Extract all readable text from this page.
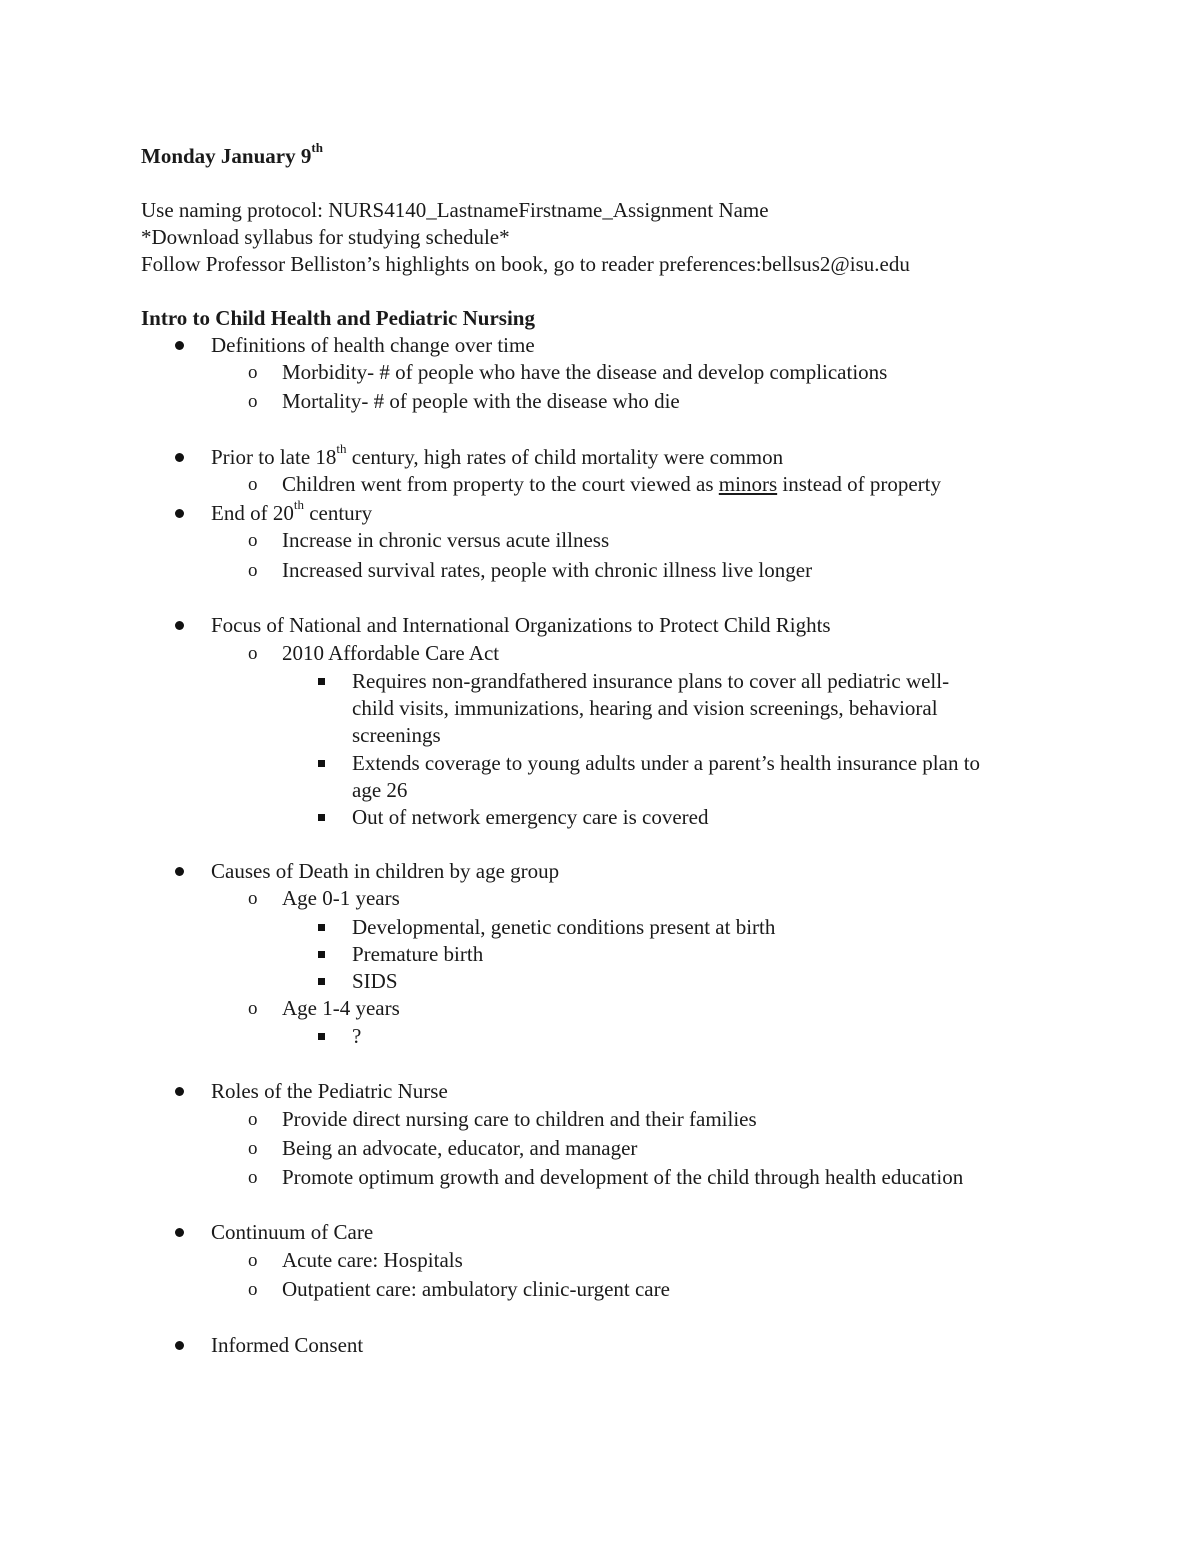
Monday January 9th
Use naming protocol: NURS4140_LastnameFirstname_Assignment Name
*Download syllabus for studying schedule*
Follow Professor Belliston’s highlights on book, go to reader preferences:bellsus2@isu.edu
Intro to Child Health and Pediatric Nursing
Definitions of health change over time
o Morbidity- # of people who have the disease and develop complications
o Mortality- # of people with the disease who die
Prior to late 18th century, high rates of child mortality were common
o Children went from property to the court viewed as minors instead of property
End of 20th century
o Increase in chronic versus acute illness
o Increased survival rates, people with chronic illness live longer
Focus of National and International Organizations to Protect Child Rights
o 2010 Affordable Care Act
Requires non-grandfathered insurance plans to cover all pediatric well-
child visits, immunizations, hearing and vision screenings, behavioral
screenings
Extends coverage to young adults under a parent’s health insurance plan to
age 26
Out of network emergency care is covered
Causes of Death in children by age group
o Age 0-1 years
Developmental, genetic conditions present at birth
Premature birth
SIDS
o Age 1-4 years
?
Roles of the Pediatric Nurse
o Provide direct nursing care to children and their families
o Being an advocate, educator, and manager
o Promote optimum growth and development of the child through health education
Continuum of Care
o Acute care: Hospitals
o Outpatient care: ambulatory clinic-urgent care
Informed Consent
